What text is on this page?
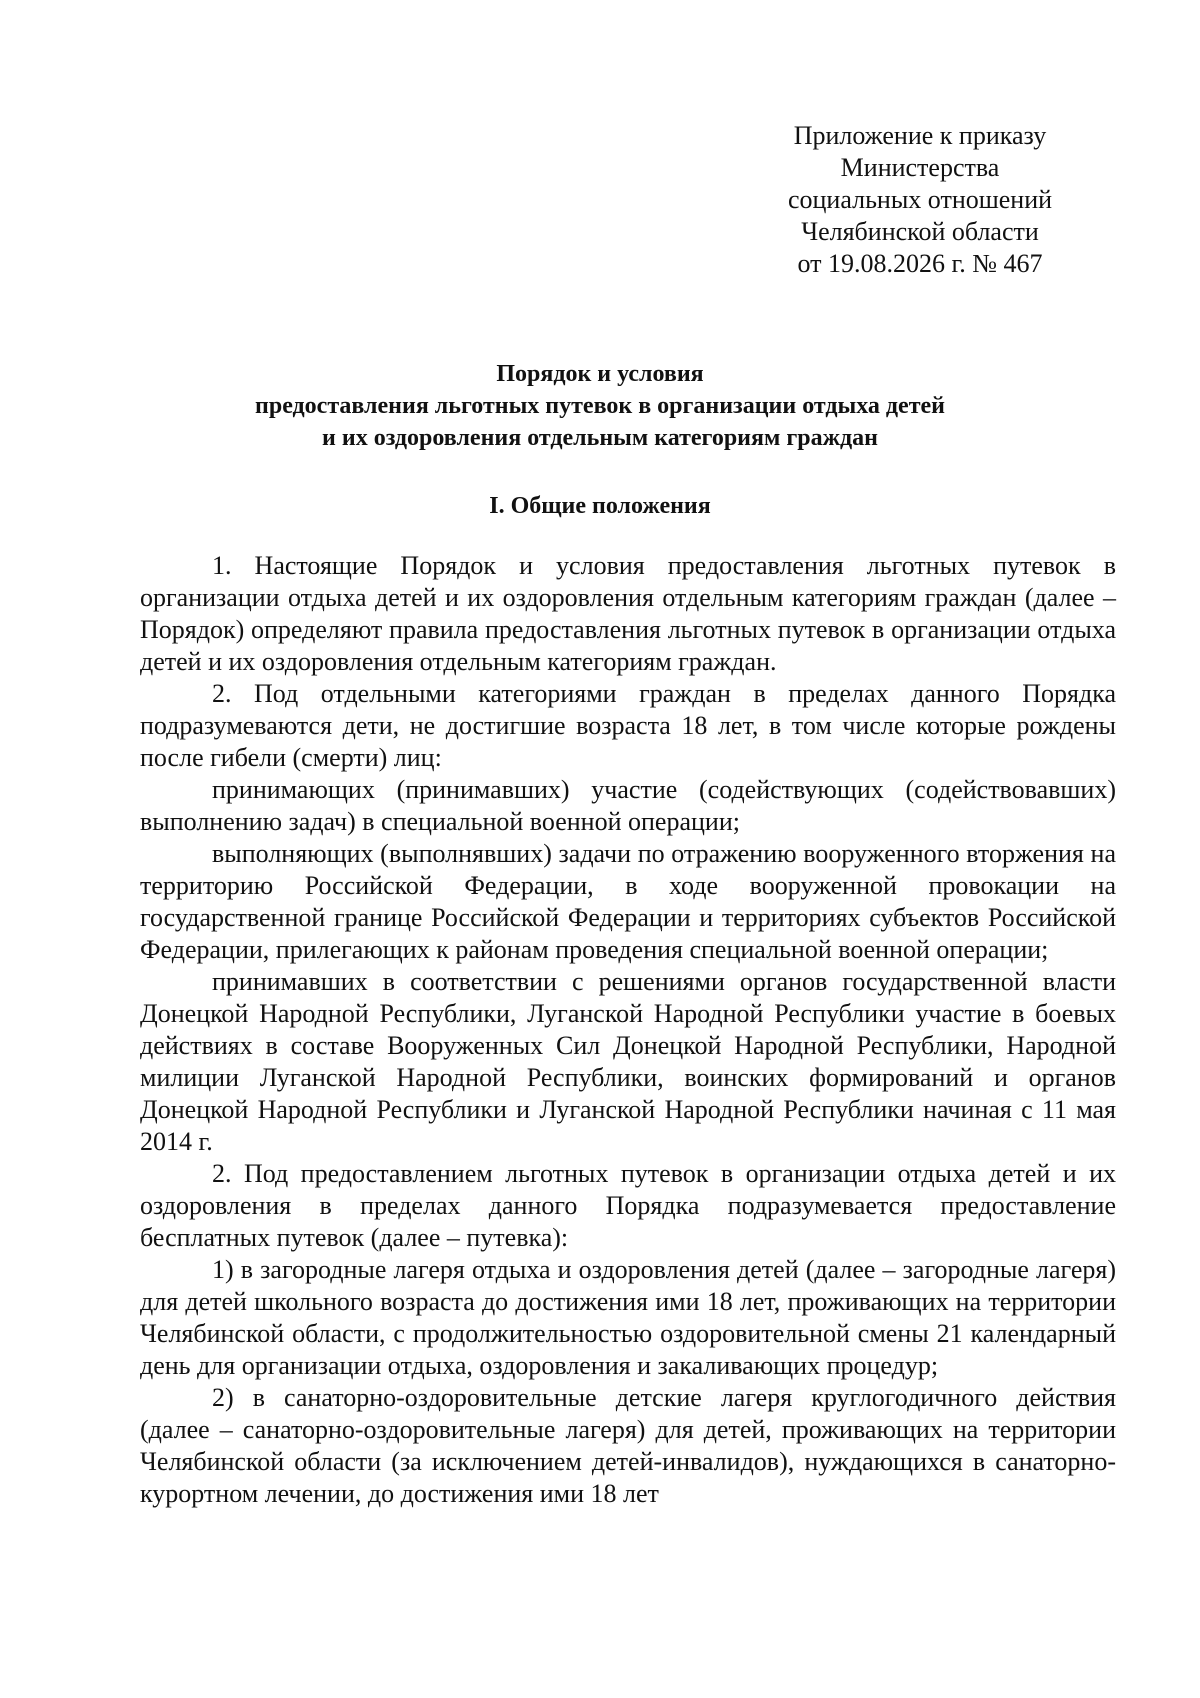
Приложение к приказу
Министерства
социальных отношений
Челябинской области
от 19.08.2026 г. № 467
Порядок и условия
предоставления льготных путевок в организации отдыха детей
и их оздоровления отдельным категориям граждан
I. Общие положения

1. Настоящие Порядок и условия предоставления льготных путевок в организации отдыха детей и их оздоровления отдельным категориям граждан (далее – Порядок) определяют правила предоставления льготных путевок в организации отдыха детей и их оздоровления отдельным категориям граждан.

2. Под отдельными категориями граждан в пределах данного Порядка подразумеваются дети, не достигшие возраста 18 лет, в том числе которые рождены после гибели (смерти) лиц:

принимающих (принимавших) участие (содействующих (содействовавших) выполнению задач) в специальной военной операции;

выполняющих (выполнявших) задачи по отражению вооруженного вторжения на территорию Российской Федерации, в ходе вооруженной провокации на государственной границе Российской Федерации и территориях субъектов Российской Федерации, прилегающих к районам проведения специальной военной операции;

принимавших в соответствии с решениями органов государственной власти Донецкой Народной Республики, Луганской Народной Республики участие в боевых действиях в составе Вооруженных Сил Донецкой Народной Республики, Народной милиции Луганской Народной Республики, воинских формирований и органов Донецкой Народной Республики и Луганской Народной Республики начиная с 11 мая 2014 г.

2. Под предоставлением льготных путевок в организации отдыха детей и их оздоровления в пределах данного Порядка подразумевается предоставление бесплатных путевок (далее – путевка):

1) в загородные лагеря отдыха и оздоровления детей (далее – загородные лагеря) для детей школьного возраста до достижения ими 18 лет, проживающих на территории Челябинской области, с продолжительностью оздоровительной смены 21 календарный день для организации отдыха, оздоровления и закаливающих процедур;

2) в санаторно-оздоровительные детские лагеря круглогодичного действия (далее – санаторно-оздоровительные лагеря) для детей, проживающих на территории Челябинской области (за исключением детей-инвалидов), нуждающихся в санаторно-курортном лечении, до достижения ими 18 лет
